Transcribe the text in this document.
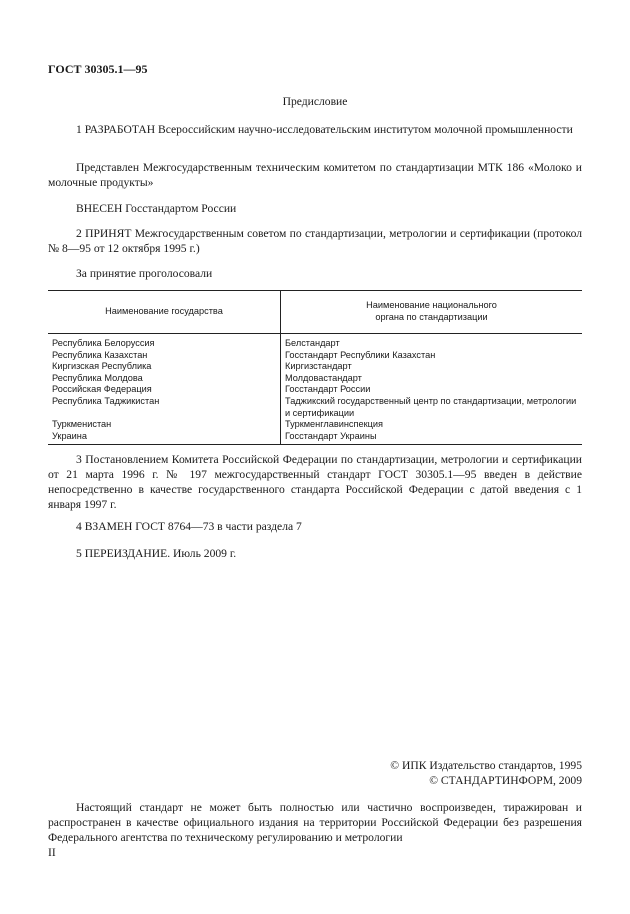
ГОСТ 30305.1—95
Предисловие
1 РАЗРАБОТАН Всероссийским научно-исследовательским институтом молочной промышленности
Представлен Межгосударственным техническим комитетом по стандартизации МТК 186 «Молоко и молочные продукты»
ВНЕСЕН Госстандартом России
2 ПРИНЯТ Межгосударственным советом по стандартизации, метрологии и сертификации (протокол № 8—95 от 12 октября 1995 г.)
За принятие проголосовали
Наименование государства	Наименование национального органа по стандартизации
Республика Белоруссия	Белстандарт
Республика Казахстан	Госстандарт Республики Казахстан
Киргизская Республика	Киргизстандарт
Республика Молдова	Молдовастандарт
Российская Федерация	Госстандарт России
Республика Таджикистан	Таджикский государственный центр по стандартизации, метрологии и сертификации
Туркменистан	Туркменглавинспекция
Украина	Госстандарт Украины
3 Постановлением Комитета Российской Федерации по стандартизации, метрологии и сертификации от 21 марта 1996 г. № 197 межгосударственный стандарт ГОСТ 30305.1—95 введен в действие непосредственно в качестве государственного стандарта Российской Федерации с датой введения с 1 января 1997 г.
4 ВЗАМЕН ГОСТ 8764—73 в части раздела 7
5 ПЕРЕИЗДАНИЕ. Июль 2009 г.
© ИПК Издательство стандартов, 1995
© СТАНДАРТИНФОРМ, 2009
Настоящий стандарт не может быть полностью или частично воспроизведен, тиражирован и распространен в качестве официального издания на территории Российской Федерации без разрешения Федерального агентства по техническому регулированию и метрологии
II
